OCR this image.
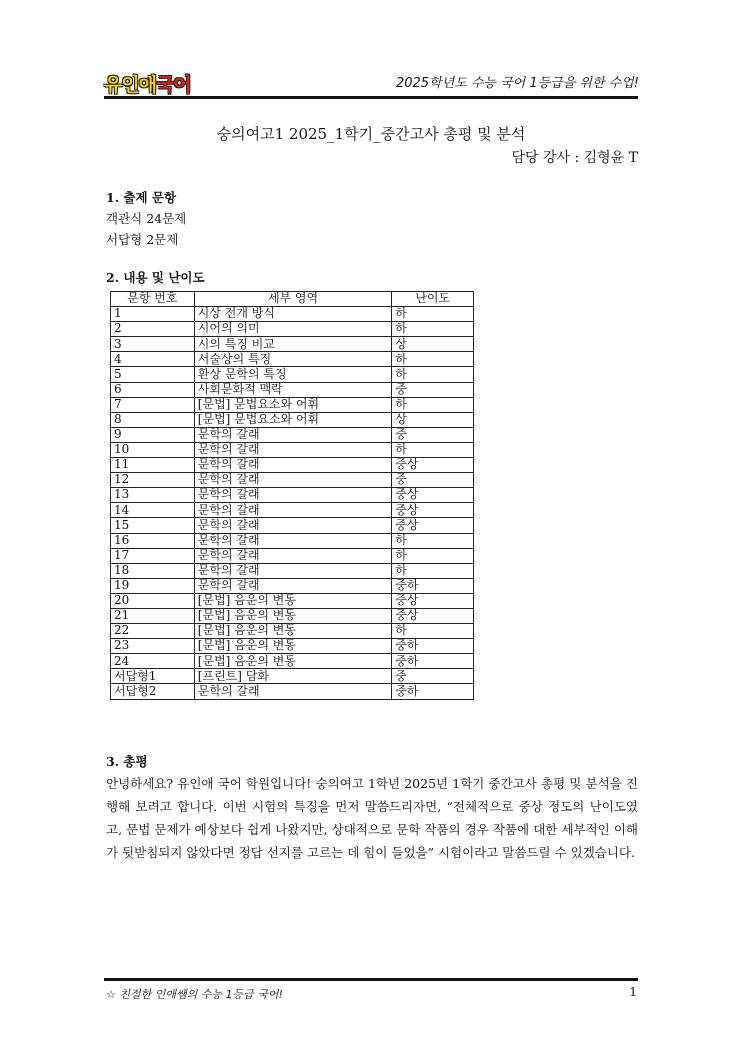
유인애국어	2025학년도 수능 국어 1등급을 위한 수업!
숭의여고1 2025_1학기_중간고사 총평 및 분석
담당 강사 : 김형윤 T
1. 출제 문항
객관식 24문제
서답형 2문제
2. 내용 및 난이도
문항 번호	세부 영역	난이도
1	시상 전개 방식	하
2	시어의 의미	하
3	시의 특징 비교	상
4	서술상의 특징	하
5	환상 문학의 특징	하
6	사회문화적 맥락	중
7	[문법] 문법요소와 어휘	하
8	[문법] 문법요소와 어휘	상
9	문학의 갈래	중
10	문학의 갈래	하
11	문학의 갈래	중상
12	문학의 갈래	중
13	문학의 갈래	중상
14	문학의 갈래	중상
15	문학의 갈래	중상
16	문학의 갈래	하
17	문학의 갈래	하
18	문학의 갈래	하
19	문학의 갈래	중하
20	[문법] 음운의 변동	중상
21	[문법] 음운의 변동	중상
22	[문법] 음운의 변동	하
23	[문법] 음운의 변동	중하
24	[문법] 음운의 변동	중하
서답형1	[프린트] 담화	중
서답형2	문학의 갈래	중하
3. 총평
안녕하세요? 유인애 국어 학원입니다! 숭의여고 1학년 2025년 1학기 중간고사 총평 및 분석을 진행해 보려고 합니다. 이번 시험의 특징을 먼저 말씀드리자면, “전체적으로 중상 정도의 난이도였고, 문법 문제가 예상보다 쉽게 나왔지만, 상대적으로 문학 작품의 경우 작품에 대한 세부적인 이해가 뒷받침되지 않았다면 정답 선지를 고르는 데 힘이 들었을” 시험이라고 말씀드릴 수 있겠습니다.
☆ 친절한 인애쌤의 수능 1등급 국어!	1
